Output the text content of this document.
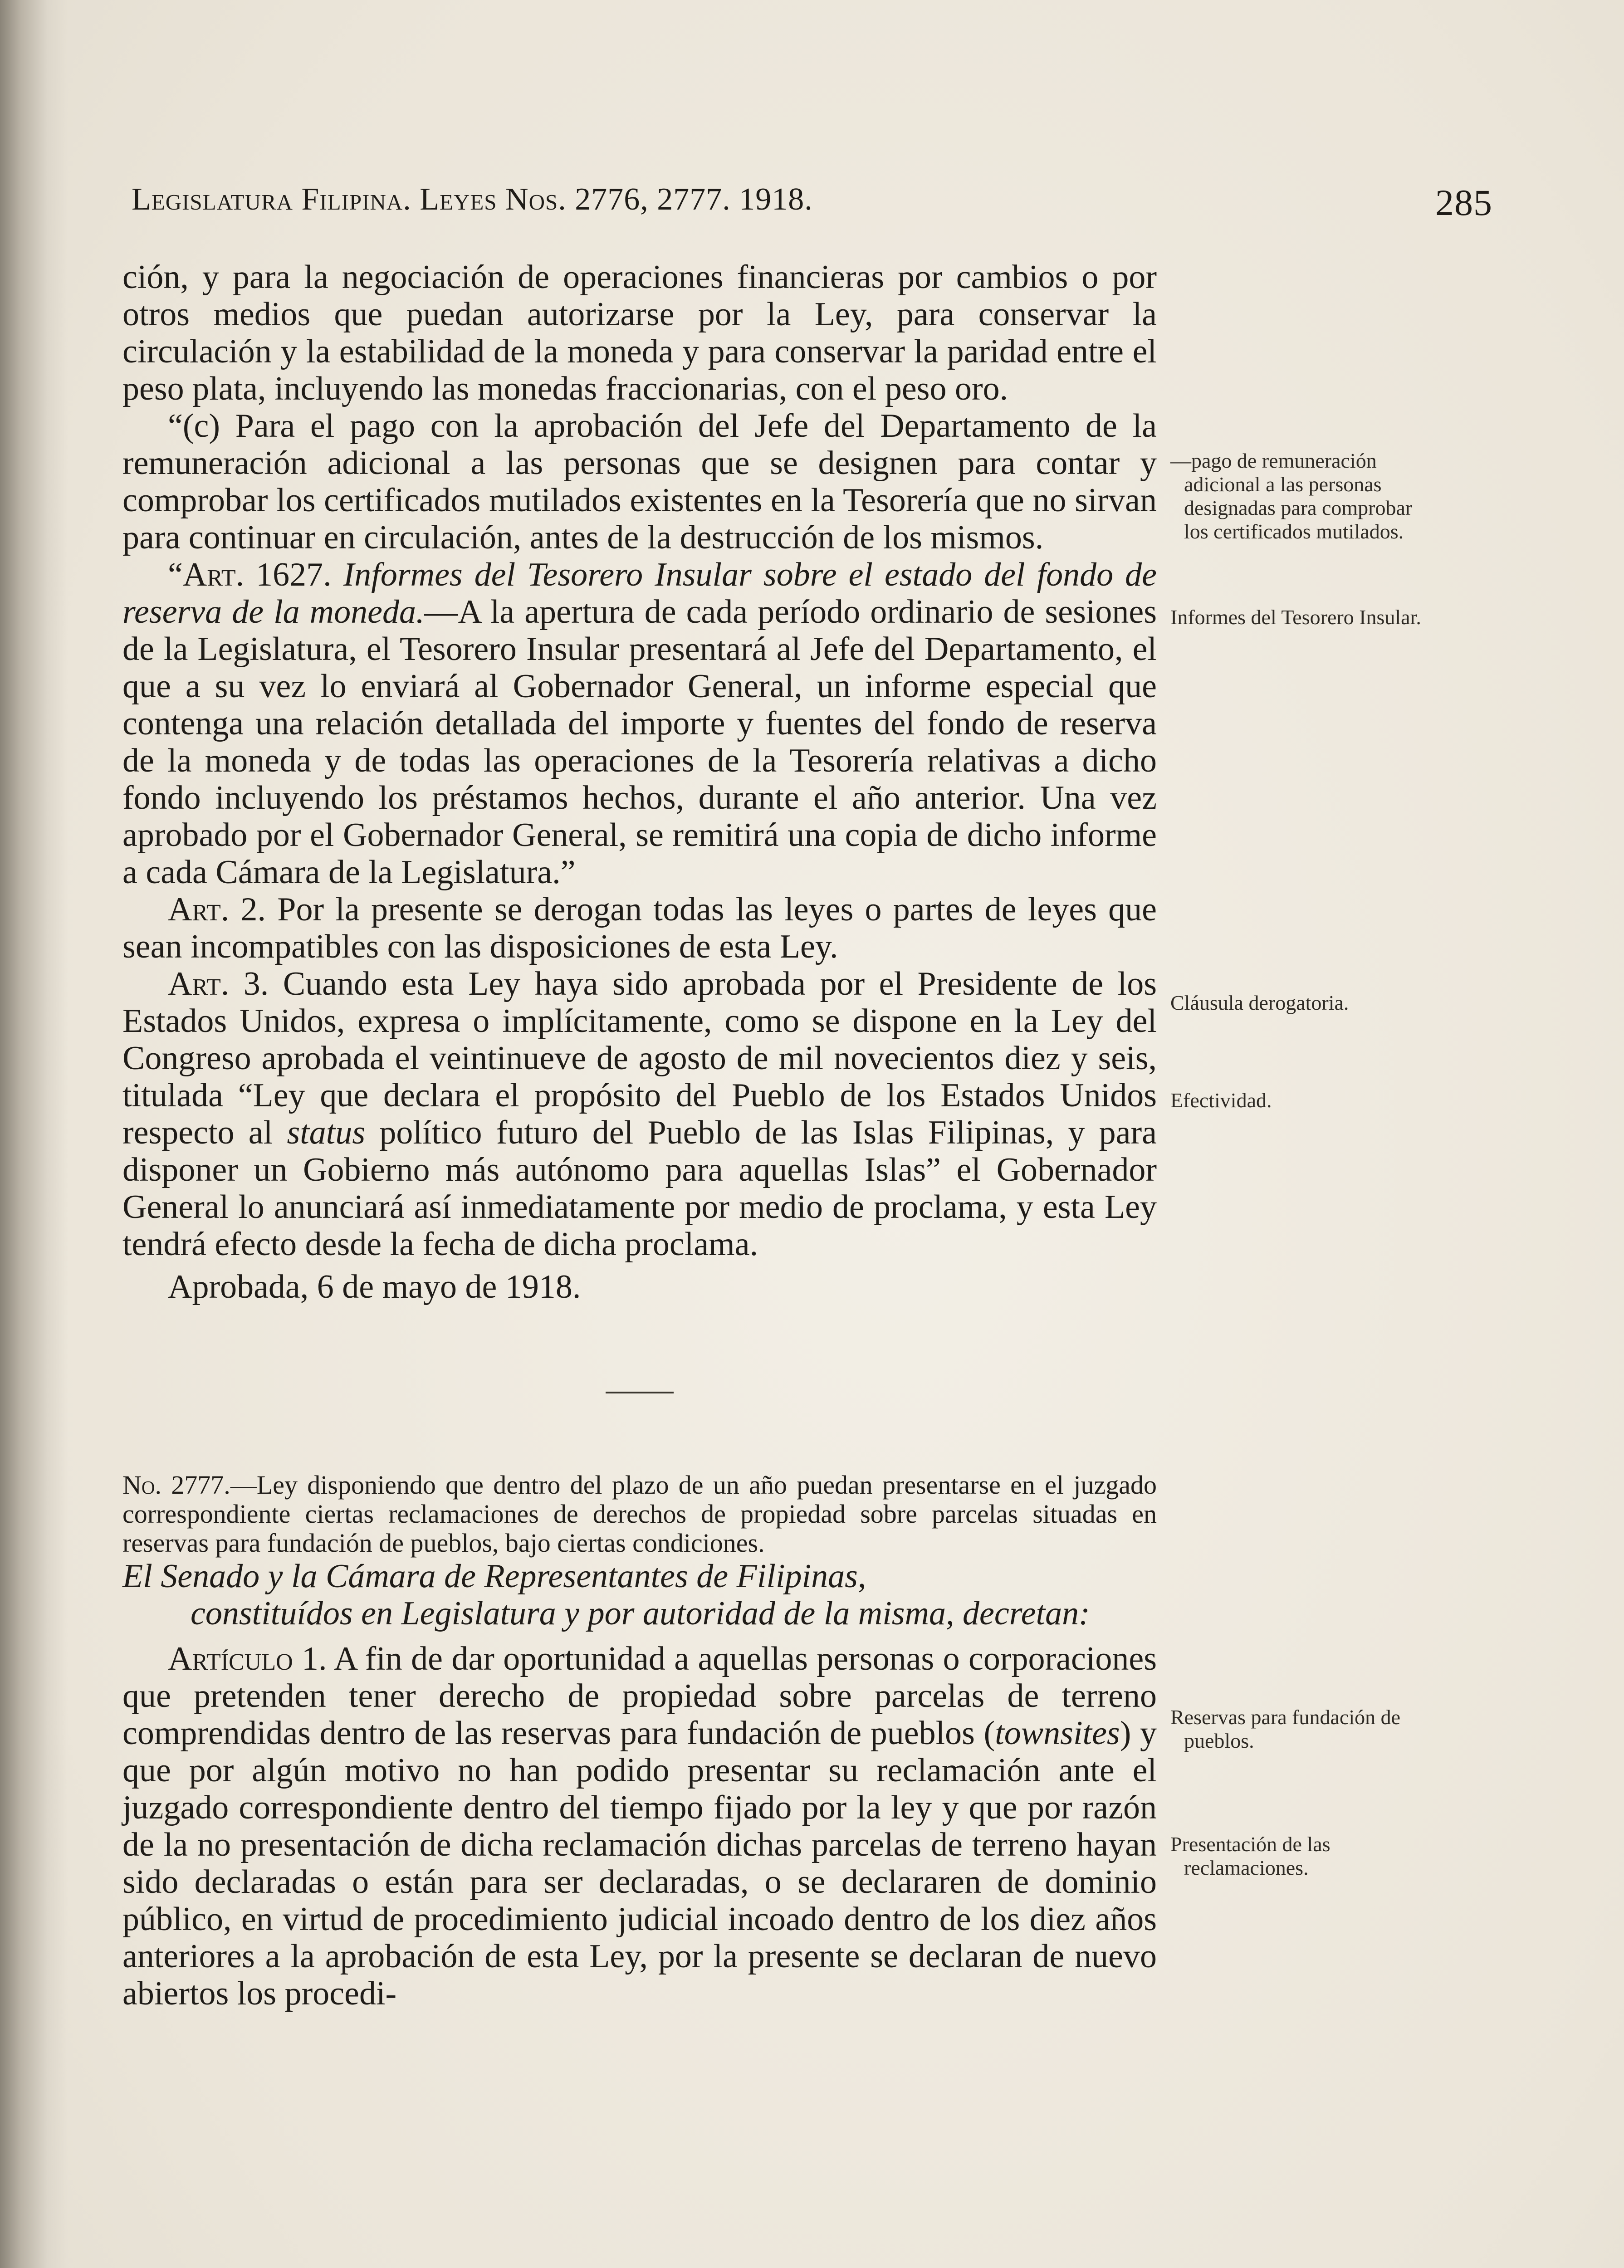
Legislatura Filipina. Leyes Nos. 2776, 2777. 1918.	285

ción, y para la negociación de operaciones financieras por cambios o por otros medios que puedan autorizarse por la Ley, para conservar la circulación y la estabilidad de la moneda y para conservar la paridad entre el peso plata, incluyendo las monedas fraccionarias, con el peso oro.

“(c) Para el pago con la aprobación del Jefe del Departamento de la remuneración adicional a las personas que se designen para contar y comprobar los certificados mutilados existentes en la Tesorería que no sirvan para continuar en circulación, antes de la destrucción de los mismos.

“Art. 1627. Informes del Tesorero Insular sobre el estado del fondo de reserva de la moneda.—A la apertura de cada período ordinario de sesiones de la Legislatura, el Tesorero Insular presentará al Jefe del Departamento, el que a su vez lo enviará al Gobernador General, un informe especial que contenga una relación detallada del importe y fuentes del fondo de reserva de la moneda y de todas las operaciones de la Tesorería relativas a dicho fondo incluyendo los préstamos hechos, durante el año anterior. Una vez aprobado por el Gobernador General, se remitirá una copia de dicho informe a cada Cámara de la Legislatura.”

Art. 2. Por la presente se derogan todas las leyes o partes de leyes que sean incompatibles con las disposiciones de esta Ley.

Art. 3. Cuando esta Ley haya sido aprobada por el Presidente de los Estados Unidos, expresa o implícitamente, como se dispone en la Ley del Congreso aprobada el veintinueve de agosto de mil novecientos diez y seis, titulada “Ley que declara el propósito del Pueblo de los Estados Unidos respecto al status político futuro del Pueblo de las Islas Filipinas, y para disponer un Gobierno más autónomo para aquellas Islas” el Gobernador General lo anunciará así inmediatamente por medio de proclama, y esta Ley tendrá efecto desde la fecha de dicha proclama.

Aprobada, 6 de mayo de 1918.

No. 2777.—Ley disponiendo que dentro del plazo de un año puedan presentarse en el juzgado correspondiente ciertas reclamaciones de derechos de propiedad sobre parcelas situadas en reservas para fundación de pueblos, bajo ciertas condiciones.

El Senado y la Cámara de Representantes de Filipinas,
constituídos en Legislatura y por autoridad de la misma, decretan:

Artículo 1. A fin de dar oportunidad a aquellas personas o corporaciones que pretenden tener derecho de propiedad sobre parcelas de terreno comprendidas dentro de las reservas para fundación de pueblos (townsites) y que por algún motivo no han podido presentar su reclamación ante el juzgado correspondiente dentro del tiempo fijado por la ley y que por razón de la no presentación de dicha reclamación dichas parcelas de terreno hayan sido declaradas o están para ser declaradas, o se declararen de dominio público, en virtud de procedimiento judicial incoado dentro de los diez años anteriores a la aprobación de esta Ley, por la presente se declaran de nuevo abiertos los procedi-

—pago de remuneración adicional a las personas designadas para comprobar los certificados mutilados.
Informes del Tesorero Insular.
Cláusula derogatoria.
Efectividad.
Reservas para fundación de pueblos.
Presentación de las reclamaciones.
